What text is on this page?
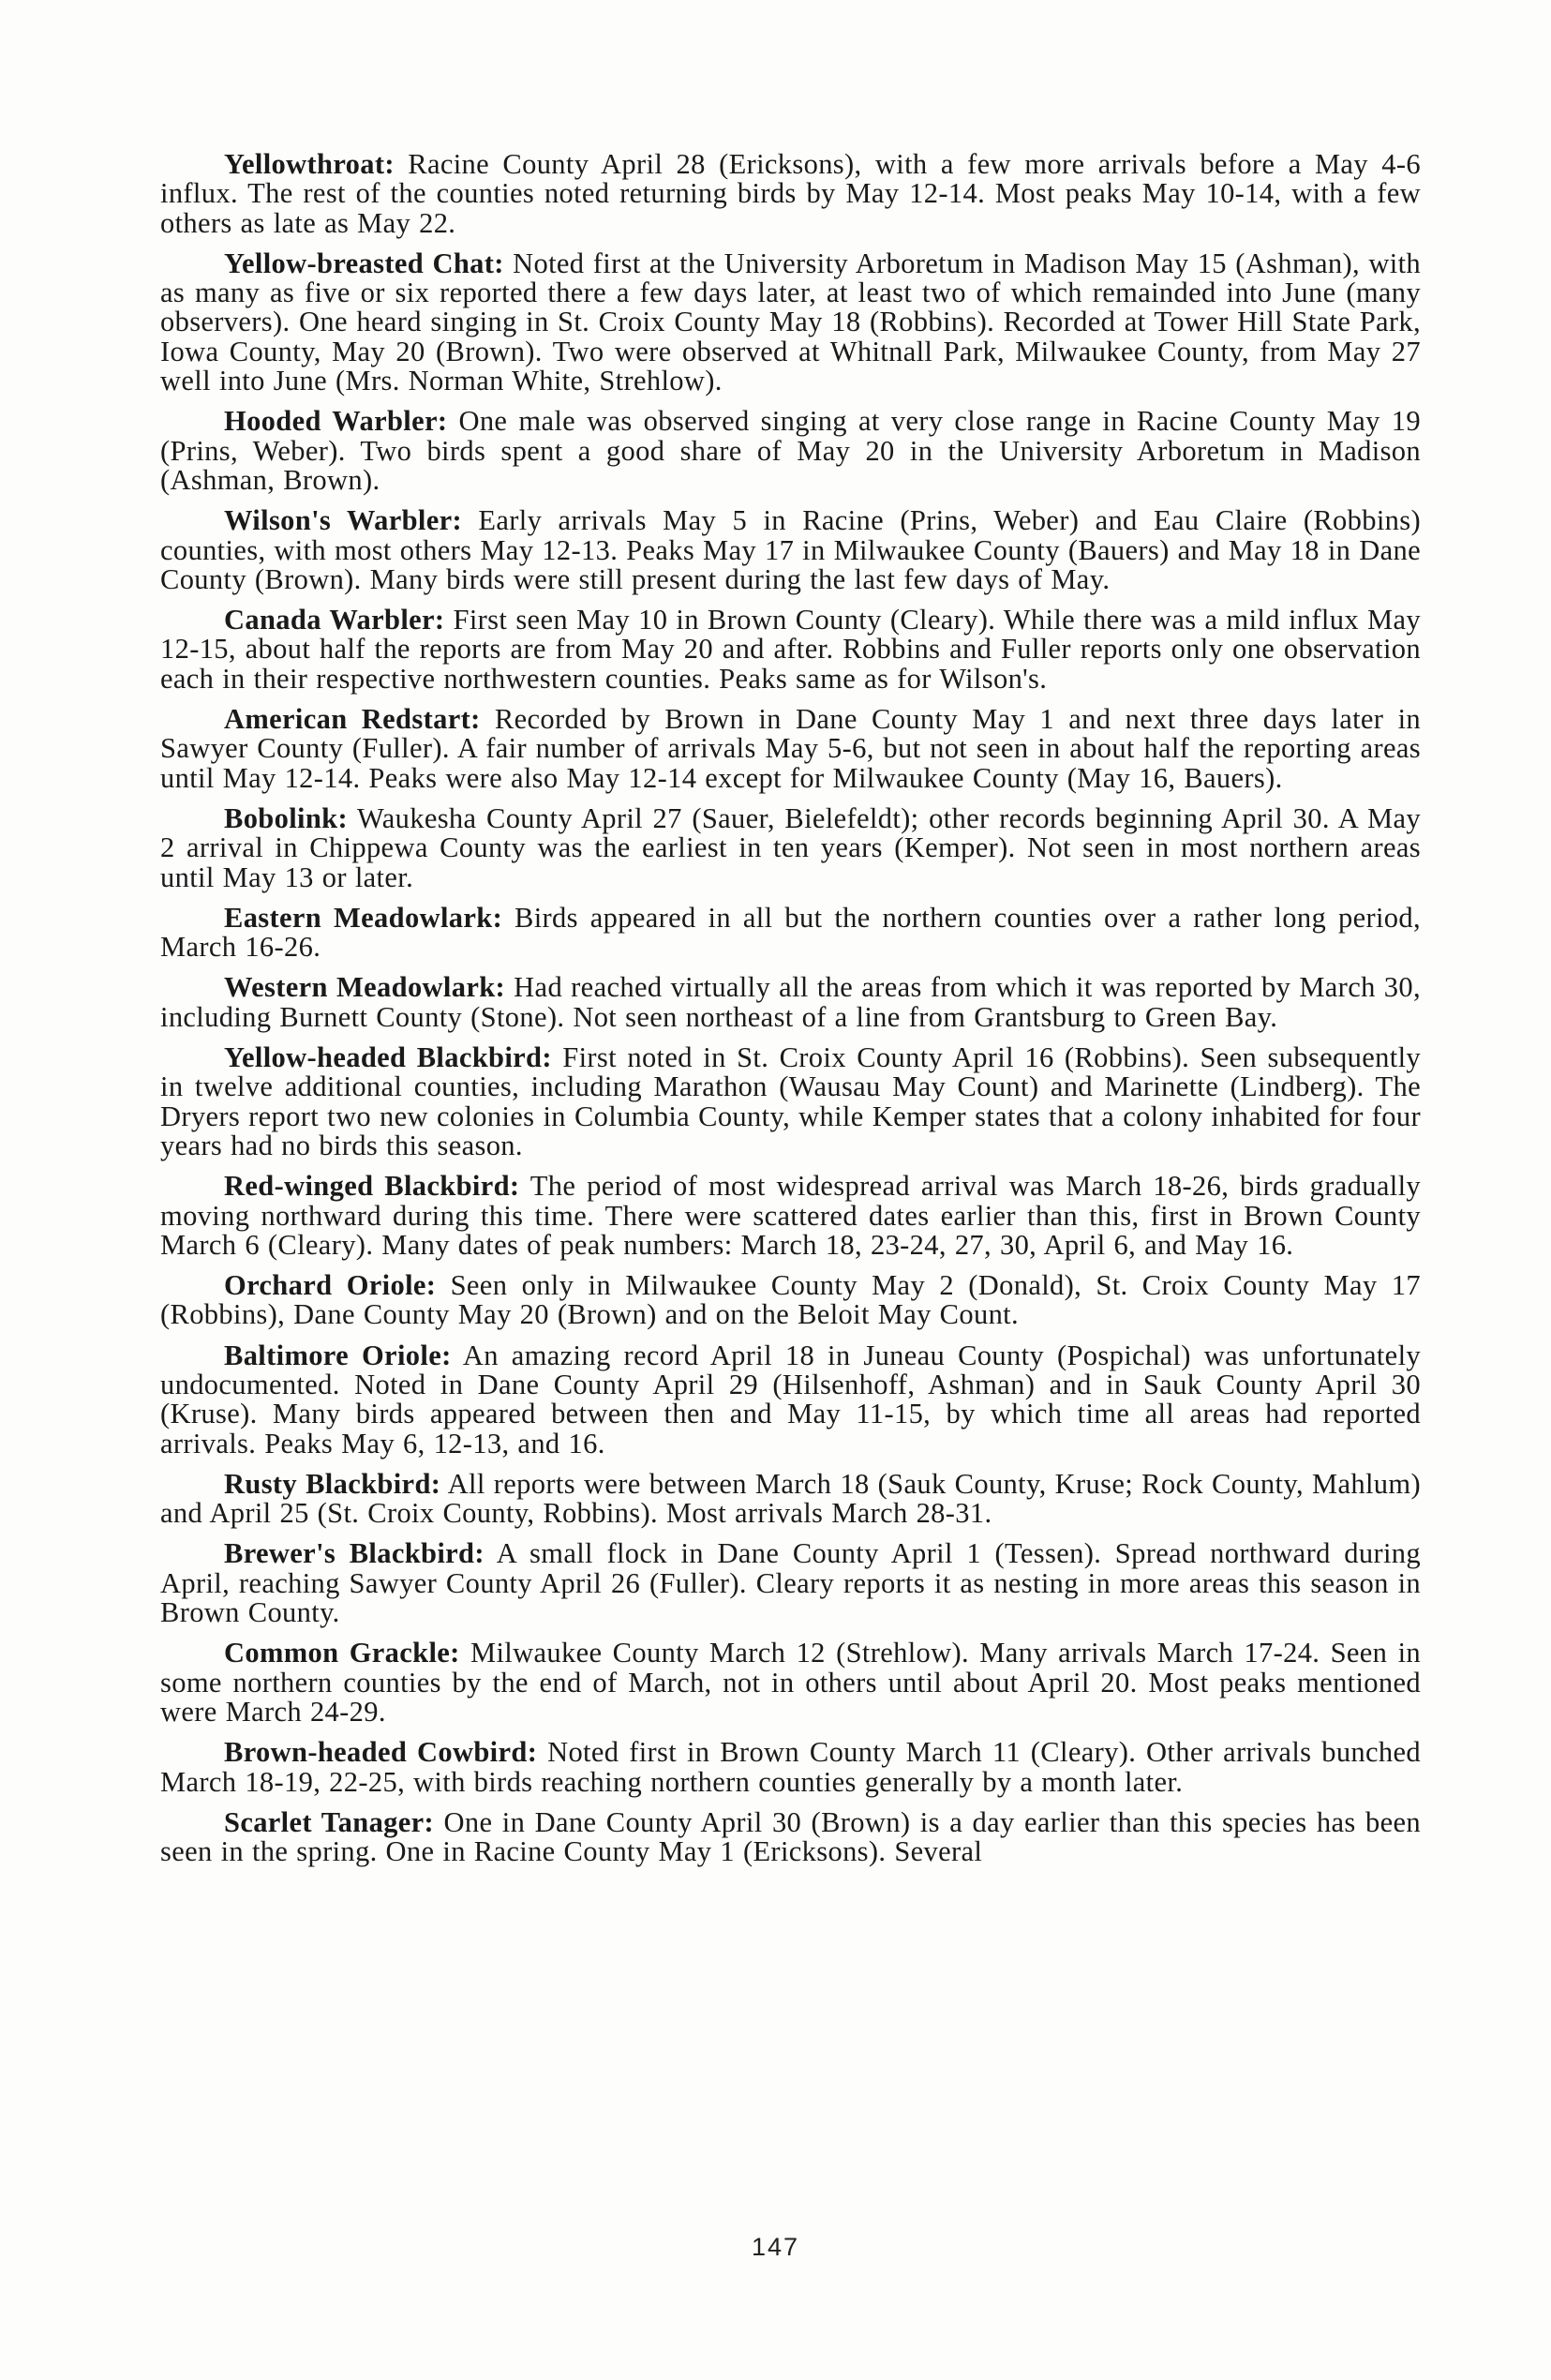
Yellowthroat: Racine County April 28 (Ericksons), with a few more arrivals before a May 4-6 influx. The rest of the counties noted returning birds by May 12-14. Most peaks May 10-14, with a few others as late as May 22.

Yellow-breasted Chat: Noted first at the University Arboretum in Madison May 15 (Ashman), with as many as five or six reported there a few days later, at least two of which remainded into June (many observers). One heard singing in St. Croix County May 18 (Robbins). Recorded at Tower Hill State Park, Iowa County, May 20 (Brown). Two were observed at Whitnall Park, Milwaukee County, from May 27 well into June (Mrs. Norman White, Strehlow).

Hooded Warbler: One male was observed singing at very close range in Racine County May 19 (Prins, Weber). Two birds spent a good share of May 20 in the University Arboretum in Madison (Ashman, Brown).

Wilson's Warbler: Early arrivals May 5 in Racine (Prins, Weber) and Eau Claire (Robbins) counties, with most others May 12-13. Peaks May 17 in Milwaukee County (Bauers) and May 18 in Dane County (Brown). Many birds were still present during the last few days of May.

Canada Warbler: First seen May 10 in Brown County (Cleary). While there was a mild influx May 12-15, about half the reports are from May 20 and after. Robbins and Fuller reports only one observation each in their respective northwestern counties. Peaks same as for Wilson's.

American Redstart: Recorded by Brown in Dane County May 1 and next three days later in Sawyer County (Fuller). A fair number of arrivals May 5-6, but not seen in about half the reporting areas until May 12-14. Peaks were also May 12-14 except for Milwaukee County (May 16, Bauers).

Bobolink: Waukesha County April 27 (Sauer, Bielefeldt); other records beginning April 30. A May 2 arrival in Chippewa County was the earliest in ten years (Kemper). Not seen in most northern areas until May 13 or later.

Eastern Meadowlark: Birds appeared in all but the northern counties over a rather long period, March 16-26.

Western Meadowlark: Had reached virtually all the areas from which it was reported by March 30, including Burnett County (Stone). Not seen northeast of a line from Grantsburg to Green Bay.

Yellow-headed Blackbird: First noted in St. Croix County April 16 (Robbins). Seen subsequently in twelve additional counties, including Marathon (Wausau May Count) and Marinette (Lindberg). The Dryers report two new colonies in Columbia County, while Kemper states that a colony inhabited for four years had no birds this season.

Red-winged Blackbird: The period of most widespread arrival was March 18-26, birds gradually moving northward during this time. There were scattered dates earlier than this, first in Brown County March 6 (Cleary). Many dates of peak numbers: March 18, 23-24, 27, 30, April 6, and May 16.

Orchard Oriole: Seen only in Milwaukee County May 2 (Donald), St. Croix County May 17 (Robbins), Dane County May 20 (Brown) and on the Beloit May Count.

Baltimore Oriole: An amazing record April 18 in Juneau County (Pospichal) was unfortunately undocumented. Noted in Dane County April 29 (Hilsenhoff, Ashman) and in Sauk County April 30 (Kruse). Many birds appeared between then and May 11-15, by which time all areas had reported arrivals. Peaks May 6, 12-13, and 16.

Rusty Blackbird: All reports were between March 18 (Sauk County, Kruse; Rock County, Mahlum) and April 25 (St. Croix County, Robbins). Most arrivals March 28-31.

Brewer's Blackbird: A small flock in Dane County April 1 (Tessen). Spread northward during April, reaching Sawyer County April 26 (Fuller). Cleary reports it as nesting in more areas this season in Brown County.

Common Grackle: Milwaukee County March 12 (Strehlow). Many arrivals March 17-24. Seen in some northern counties by the end of March, not in others until about April 20. Most peaks mentioned were March 24-29.

Brown-headed Cowbird: Noted first in Brown County March 11 (Cleary). Other arrivals bunched March 18-19, 22-25, with birds reaching northern counties generally by a month later.

Scarlet Tanager: One in Dane County April 30 (Brown) is a day earlier than this species has been seen in the spring. One in Racine County May 1 (Ericksons). Several

147
